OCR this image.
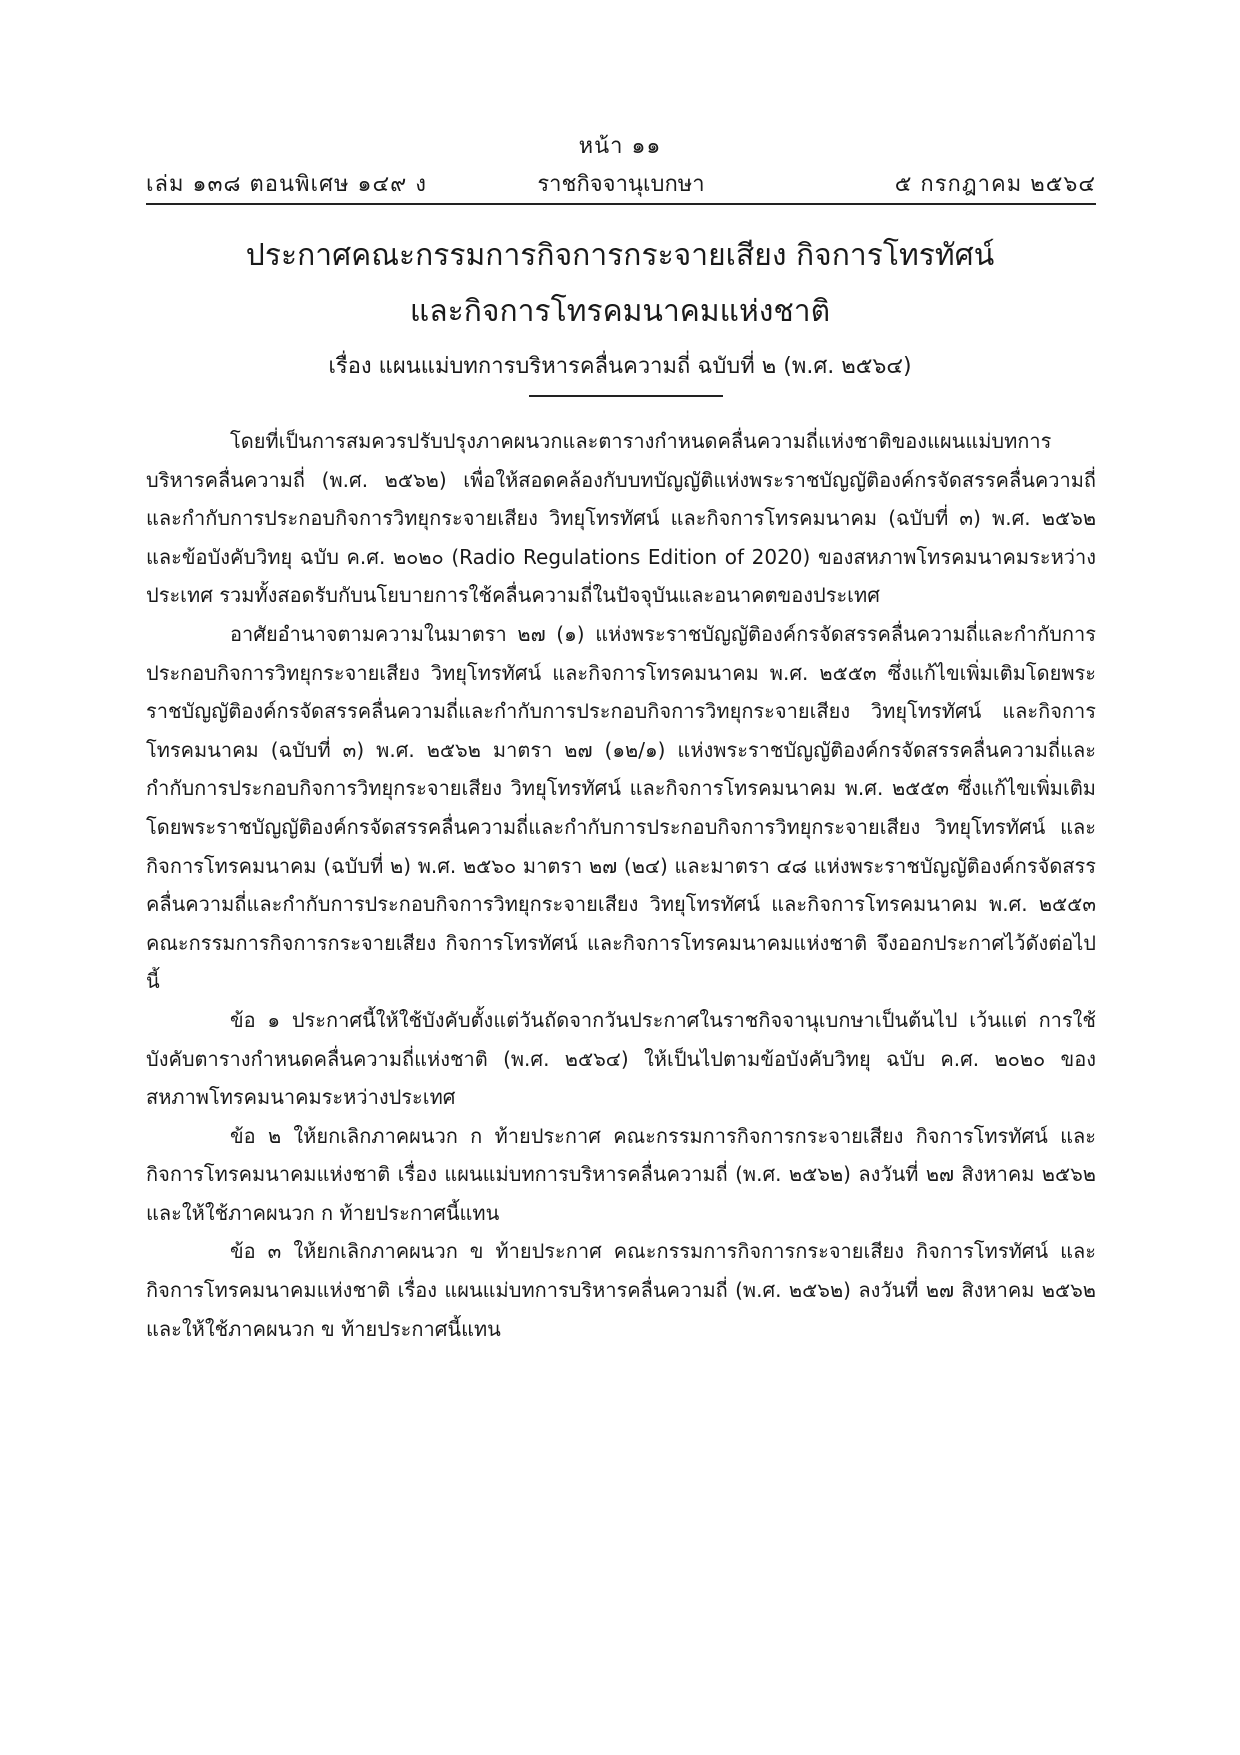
หน้า ๑๑
ราชกิจจานุเบกษา
เล่ม ๑๓๘ ตอนพิเศษ ๑๔๙ ง	๕ กรกฎาคม ๒๕๖๔
ประกาศคณะกรรมการกิจการกระจายเสียง กิจการโทรทัศน์
และกิจการโทรคมนาคมแห่งชาติ
เรื่อง แผนแม่บทการบริหารคลื่นความถี่ ฉบับที่ ๒ (พ.ศ. ๒๕๖๔)

โดยที่เป็นการสมควรปรับปรุงภาคผนวกและตารางกำหนดคลื่นความถี่แห่งชาติของแผนแม่บทการบริหารคลื่นความถี่ (พ.ศ. ๒๕๖๒) เพื่อให้สอดคล้องกับบทบัญญัติแห่งพระราชบัญญัติองค์กรจัดสรรคลื่นความถี่และกำกับการประกอบกิจการวิทยุกระจายเสียง วิทยุโทรทัศน์ และกิจการโทรคมนาคม (ฉบับที่ ๓) พ.ศ. ๒๕๖๒ และข้อบังคับวิทยุ ฉบับ ค.ศ. ๒๐๒๐ (Radio Regulations Edition of 2020) ของสหภาพโทรคมนาคมระหว่างประเทศ รวมทั้งสอดรับกับนโยบายการใช้คลื่นความถี่ในปัจจุบันและอนาคตของประเทศ

อาศัยอำนาจตามความในมาตรา ๒๗ (๑) แห่งพระราชบัญญัติองค์กรจัดสรรคลื่นความถี่และกำกับการประกอบกิจการวิทยุกระจายเสียง วิทยุโทรทัศน์ และกิจการโทรคมนาคม พ.ศ. ๒๕๕๓ ซึ่งแก้ไขเพิ่มเติมโดยพระราชบัญญัติองค์กรจัดสรรคลื่นความถี่และกำกับการประกอบกิจการวิทยุกระจายเสียง วิทยุโทรทัศน์ และกิจการโทรคมนาคม (ฉบับที่ ๓) พ.ศ. ๒๕๖๒ มาตรา ๒๗ (๑๒/๑) แห่งพระราชบัญญัติองค์กรจัดสรรคลื่นความถี่และกำกับการประกอบกิจการวิทยุกระจายเสียง วิทยุโทรทัศน์ และกิจการโทรคมนาคม พ.ศ. ๒๕๕๓ ซึ่งแก้ไขเพิ่มเติมโดยพระราชบัญญัติองค์กรจัดสรรคลื่นความถี่และกำกับการประกอบกิจการวิทยุกระจายเสียง วิทยุโทรทัศน์ และกิจการโทรคมนาคม (ฉบับที่ ๒) พ.ศ. ๒๕๖๐ มาตรา ๒๗ (๒๔) และมาตรา ๔๘ แห่งพระราชบัญญัติองค์กรจัดสรรคลื่นความถี่และกำกับการประกอบกิจการวิทยุกระจายเสียง วิทยุโทรทัศน์ และกิจการโทรคมนาคม พ.ศ. ๒๕๕๓ คณะกรรมการกิจการกระจายเสียง กิจการโทรทัศน์ และกิจการโทรคมนาคมแห่งชาติ จึงออกประกาศไว้ดังต่อไปนี้

ข้อ ๑ ประกาศนี้ให้ใช้บังคับตั้งแต่วันถัดจากวันประกาศในราชกิจจานุเบกษาเป็นต้นไป เว้นแต่ การใช้บังคับตารางกำหนดคลื่นความถี่แห่งชาติ (พ.ศ. ๒๕๖๔) ให้เป็นไปตามข้อบังคับวิทยุ ฉบับ ค.ศ. ๒๐๒๐ ของสหภาพโทรคมนาคมระหว่างประเทศ

ข้อ ๒ ให้ยกเลิกภาคผนวก ก ท้ายประกาศ คณะกรรมการกิจการกระจายเสียง กิจการโทรทัศน์ และกิจการโทรคมนาคมแห่งชาติ เรื่อง แผนแม่บทการบริหารคลื่นความถี่ (พ.ศ. ๒๕๖๒) ลงวันที่ ๒๗ สิงหาคม ๒๕๖๒ และให้ใช้ภาคผนวก ก ท้ายประกาศนี้แทน

ข้อ ๓ ให้ยกเลิกภาคผนวก ข ท้ายประกาศ คณะกรรมการกิจการกระจายเสียง กิจการโทรทัศน์ และกิจการโทรคมนาคมแห่งชาติ เรื่อง แผนแม่บทการบริหารคลื่นความถี่ (พ.ศ. ๒๕๖๒) ลงวันที่ ๒๗ สิงหาคม ๒๕๖๒ และให้ใช้ภาคผนวก ข ท้ายประกาศนี้แทน
